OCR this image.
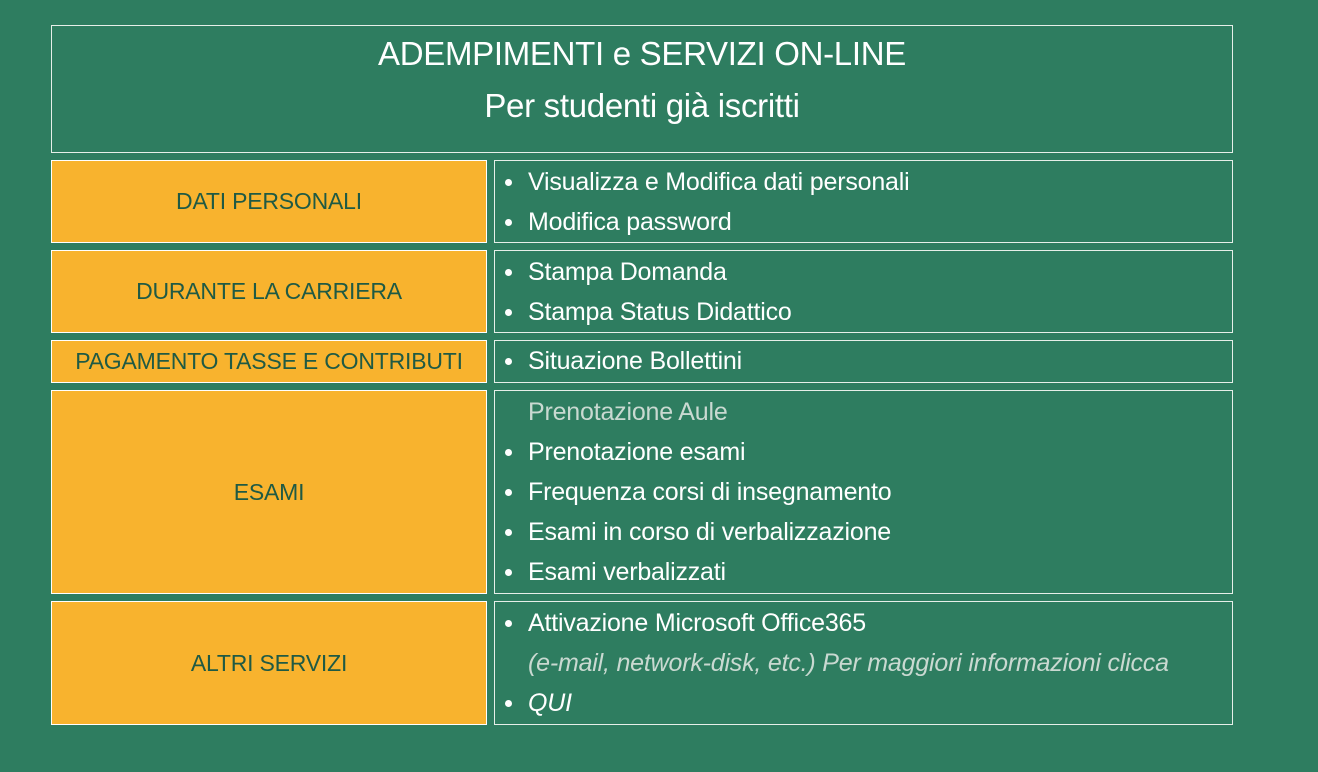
ADEMPIMENTI e SERVIZI ON-LINE
Per studenti già iscritti
DATI PERSONALI
Visualizza e Modifica dati personali
Modifica password
DURANTE LA CARRIERA
Stampa Domanda
Stampa Status Didattico
PAGAMENTO TASSE E CONTRIBUTI	Situazione Bollettini
ESAMI
Prenotazione Aule
Prenotazione esami
Frequenza corsi di insegnamento
Esami in corso di verbalizzazione
Esami verbalizzati
ALTRI SERVIZI
Attivazione Microsoft Office365
(e-mail, network-disk, etc.) Per maggiori informazioni clicca
QUI
